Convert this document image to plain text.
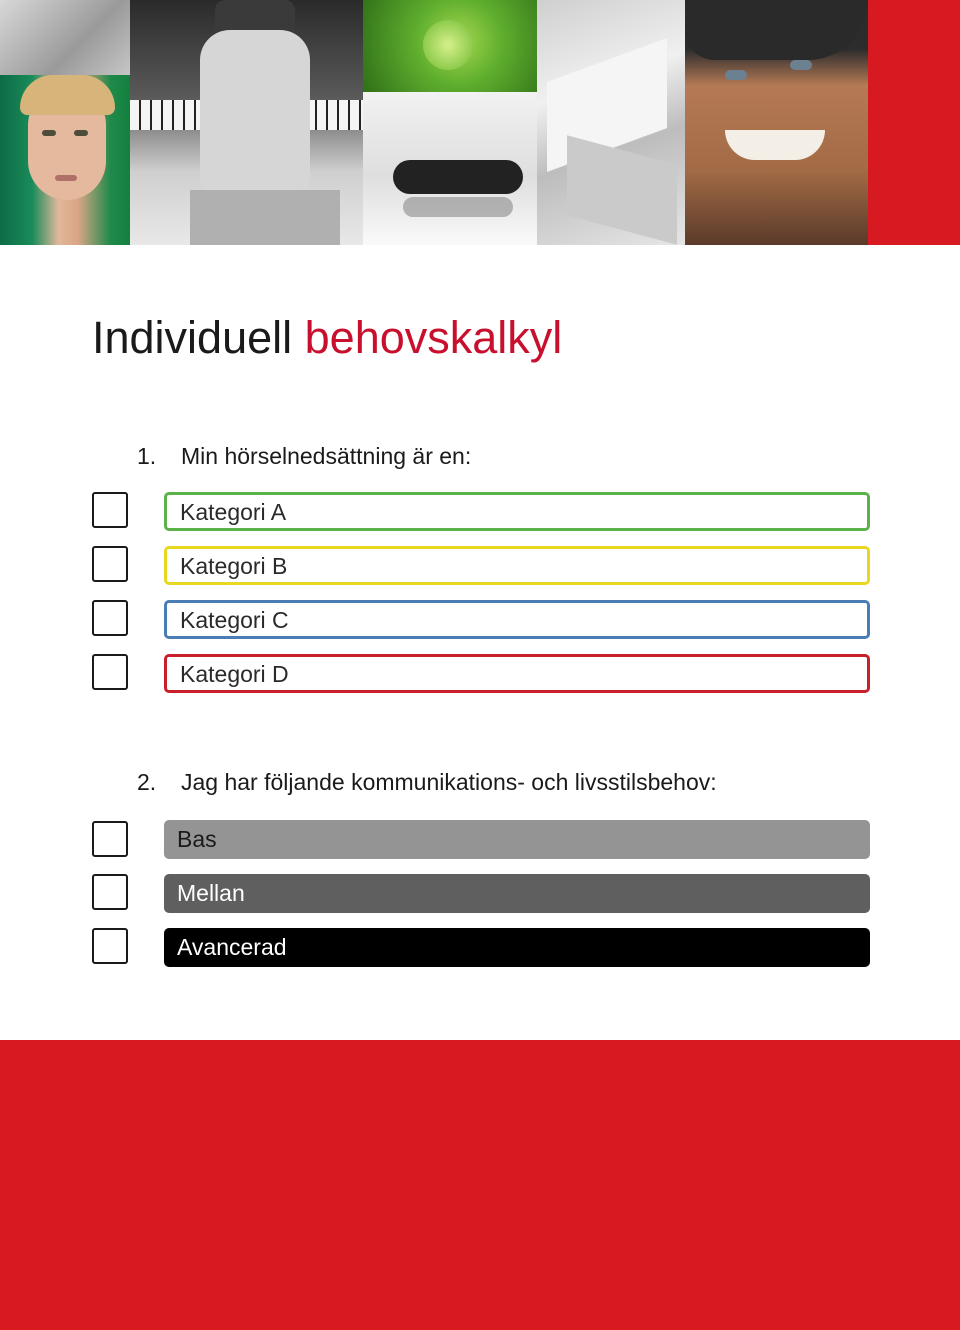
Individuell behovskalkyl
1. Min hörselnedsättning är en:
Kategori A
Kategori B
Kategori C
Kategori D
2. Jag har följande kommunikations- och livsstilsbehov:
Bas
Mellan
Avancerad
